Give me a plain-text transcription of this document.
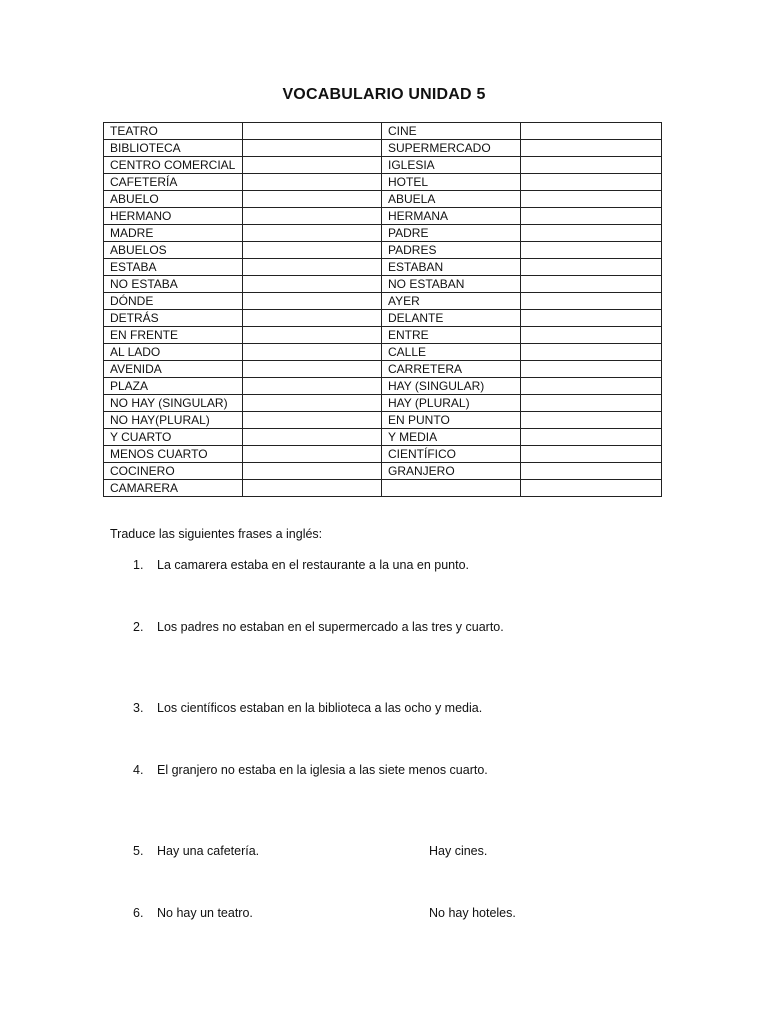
VOCABULARIO UNIDAD 5
TEATRO		CINE	
BIBLIOTECA		SUPERMERCADO	
CENTRO COMERCIAL		IGLESIA	
CAFETERÍA		HOTEL	
ABUELO		ABUELA	
HERMANO		HERMANA	
MADRE		PADRE	
ABUELOS		PADRES	
ESTABA		ESTABAN	
NO ESTABA		NO ESTABAN	
DÓNDE		AYER	
DETRÁS		DELANTE	
EN FRENTE		ENTRE	
AL LADO		CALLE	
AVENIDA		CARRETERA	
PLAZA		HAY (SINGULAR)	
NO HAY (SINGULAR)		HAY (PLURAL)	
NO HAY(PLURAL)		EN PUNTO	
Y CUARTO		Y MEDIA	
MENOS CUARTO		CIENTÍFICO	
COCINERO		GRANJERO	
CAMARERA			
Traduce las siguientes frases a inglés:
1. La camarera estaba en el restaurante a la una en punto.
2. Los padres no estaban en el supermercado a las tres y cuarto.
3. Los científicos estaban en la biblioteca a las ocho y media.
4. El granjero no estaba en la iglesia a las siete menos cuarto.
5. Hay una cafetería.	Hay cines.
6. No hay un teatro.	No hay hoteles.
